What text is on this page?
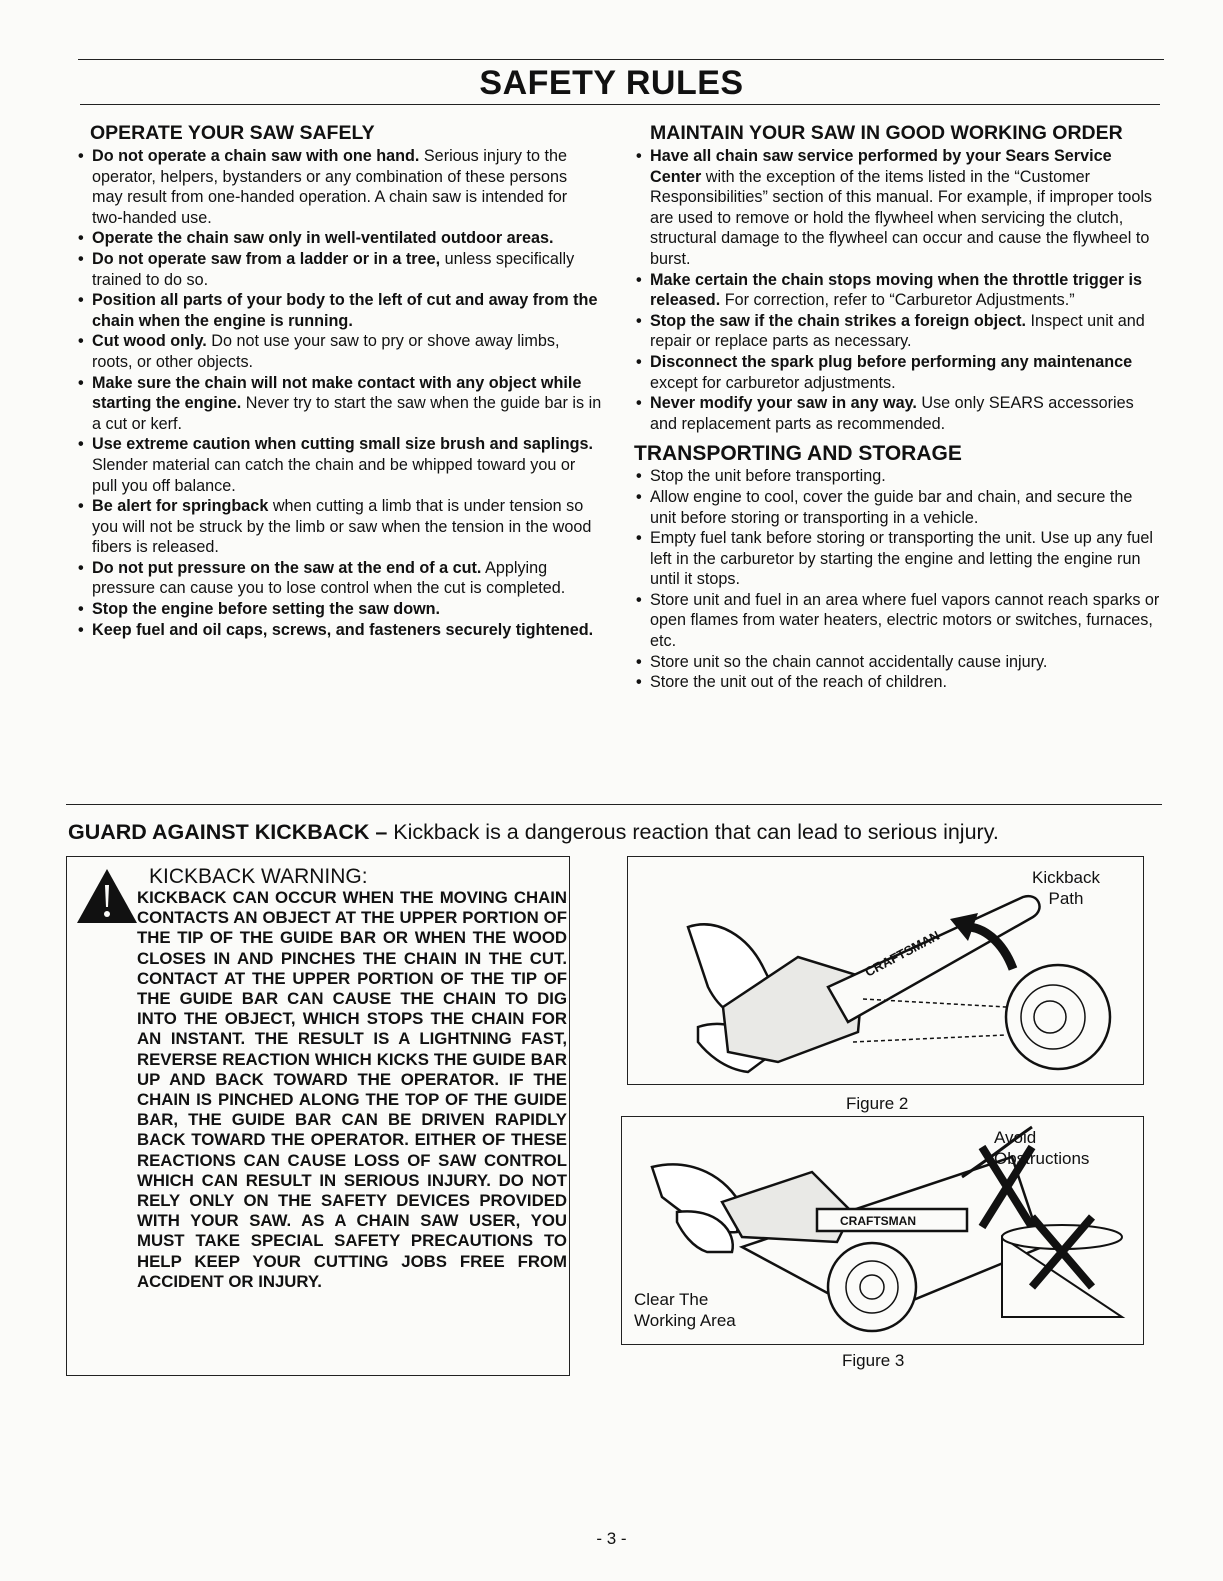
SAFETY RULES
OPERATE YOUR SAW SAFELY
• Do not operate a chain saw with one hand. Serious injury to the operator, helpers, bystanders or any combination of these persons may result from one-handed operation. A chain saw is intended for two-handed use.
• Operate the chain saw only in well-ventilated outdoor areas.
• Do not operate saw from a ladder or in a tree, unless specifically trained to do so.
• Position all parts of your body to the left of cut and away from the chain when the engine is running.
• Cut wood only. Do not use your saw to pry or shove away limbs, roots, or other objects.
• Make sure the chain will not make contact with any object while starting the engine. Never try to start the saw when the guide bar is in a cut or kerf.
• Use extreme caution when cutting small size brush and saplings. Slender material can catch the chain and be whipped toward you or pull you off balance.
• Be alert for springback when cutting a limb that is under tension so you will not be struck by the limb or saw when the tension in the wood fibers is released.
• Do not put pressure on the saw at the end of a cut. Applying pressure can cause you to lose control when the cut is completed.
• Stop the engine before setting the saw down.
• Keep fuel and oil caps, screws, and fasteners securely tightened.
MAINTAIN YOUR SAW IN GOOD WORKING ORDER
• Have all chain saw service performed by your Sears Service Center with the exception of the items listed in the “Customer Responsibilities” section of this manual. For example, if improper tools are used to remove or hold the flywheel when servicing the clutch, structural damage to the flywheel can occur and cause the flywheel to burst.
• Make certain the chain stops moving when the throttle trigger is released. For correction, refer to “Carburetor Adjustments.”
• Stop the saw if the chain strikes a foreign object. Inspect unit and repair or replace parts as necessary.
• Disconnect the spark plug before performing any maintenance except for carburetor adjustments.
• Never modify your saw in any way. Use only SEARS accessories and replacement parts as recommended.
TRANSPORTING AND STORAGE
• Stop the unit before transporting.
• Allow engine to cool, cover the guide bar and chain, and secure the unit before storing or transporting in a vehicle.
• Empty fuel tank before storing or transporting the unit. Use up any fuel left in the carburetor by starting the engine and letting the engine run until it stops.
• Store unit and fuel in an area where fuel vapors cannot reach sparks or open flames from water heaters, electric motors or switches, furnaces, etc.
• Store unit so the chain cannot accidentally cause injury.
• Store the unit out of the reach of children.
GUARD AGAINST KICKBACK – Kickback is a dangerous reaction that can lead to serious injury.
KICKBACK WARNING:
KICKBACK CAN OCCUR WHEN THE MOVING CHAIN CONTACTS AN OBJECT AT THE UPPER PORTION OF THE TIP OF THE GUIDE BAR OR WHEN THE WOOD CLOSES IN AND PINCHES THE CHAIN IN THE CUT. CONTACT AT THE UPPER PORTION OF THE TIP OF THE GUIDE BAR CAN CAUSE THE CHAIN TO DIG INTO THE OBJECT, WHICH STOPS THE CHAIN FOR AN INSTANT. THE RESULT IS A LIGHTNING FAST, REVERSE REACTION WHICH KICKS THE GUIDE BAR UP AND BACK TOWARD THE OPERATOR. IF THE CHAIN IS PINCHED ALONG THE TOP OF THE GUIDE BAR, THE GUIDE BAR CAN BE DRIVEN RAPIDLY BACK TOWARD THE OPERATOR. EITHER OF THESE REACTIONS CAN CAUSE LOSS OF SAW CONTROL WHICH CAN RESULT IN SERIOUS INJURY. DO NOT RELY ONLY ON THE SAFETY DEVICES PROVIDED WITH YOUR SAW. AS A CHAIN SAW USER, YOU MUST TAKE SPECIAL SAFETY PRECAUTIONS TO HELP KEEP YOUR CUTTING JOBS FREE FROM ACCIDENT OR INJURY.
CRAFTSMAN
Kickback
Path
Figure 2
CRAFTSMAN
Avoid
Obstructions
Clear The
Working Area
Figure 3
- 3 -
